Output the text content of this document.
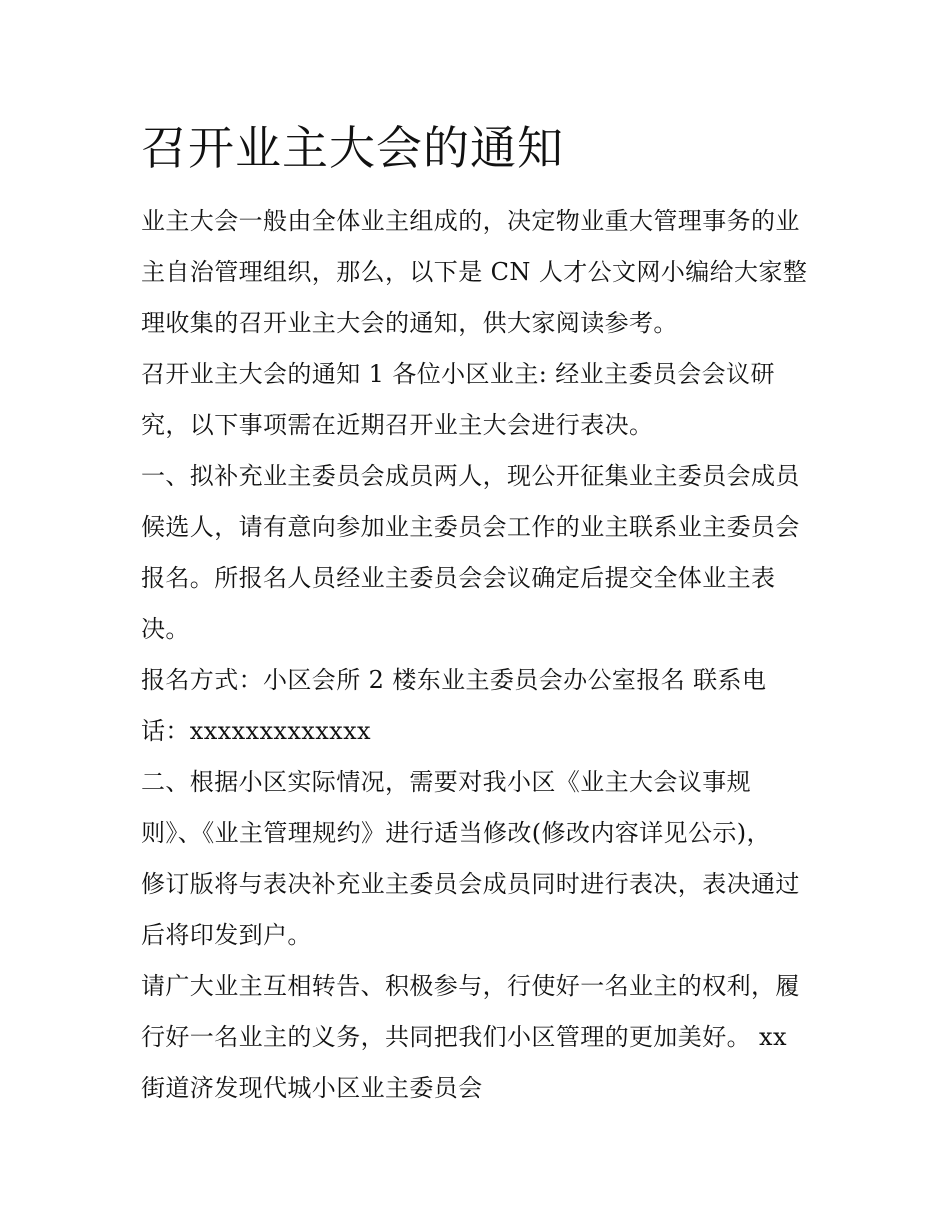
召开业主大会的通知

业主大会一般由全体业主组成的，决定物业重大管理事务的业

主自治管理组织，那么，以下是 CN 人才公文网小编给大家整

理收集的召开业主大会的通知，供大家阅读参考。

召开业主大会的通知 1 各位小区业主: 经业主委员会会议研

究，以下事项需在近期召开业主大会进行表决。

一、拟补充业主委员会成员两人，现公开征集业主委员会成员

候选人，请有意向参加业主委员会工作的业主联系业主委员会

报名。所报名人员经业主委员会会议确定后提交全体业主表

决。

报名方式：小区会所 2 楼东业主委员会办公室报名 联系电

话：xxxxxxxxxxxxx

二、根据小区实际情况，需要对我小区《业主大会议事规

则》、《业主管理规约》进行适当修改(修改内容详见公示)，

修订版将与表决补充业主委员会成员同时进行表决，表决通过

后将印发到户。

请广大业主互相转告、积极参与，行使好一名业主的权利，履

行好一名业主的义务，共同把我们小区管理的更加美好。 xx

街道济发现代城小区业主委员会
